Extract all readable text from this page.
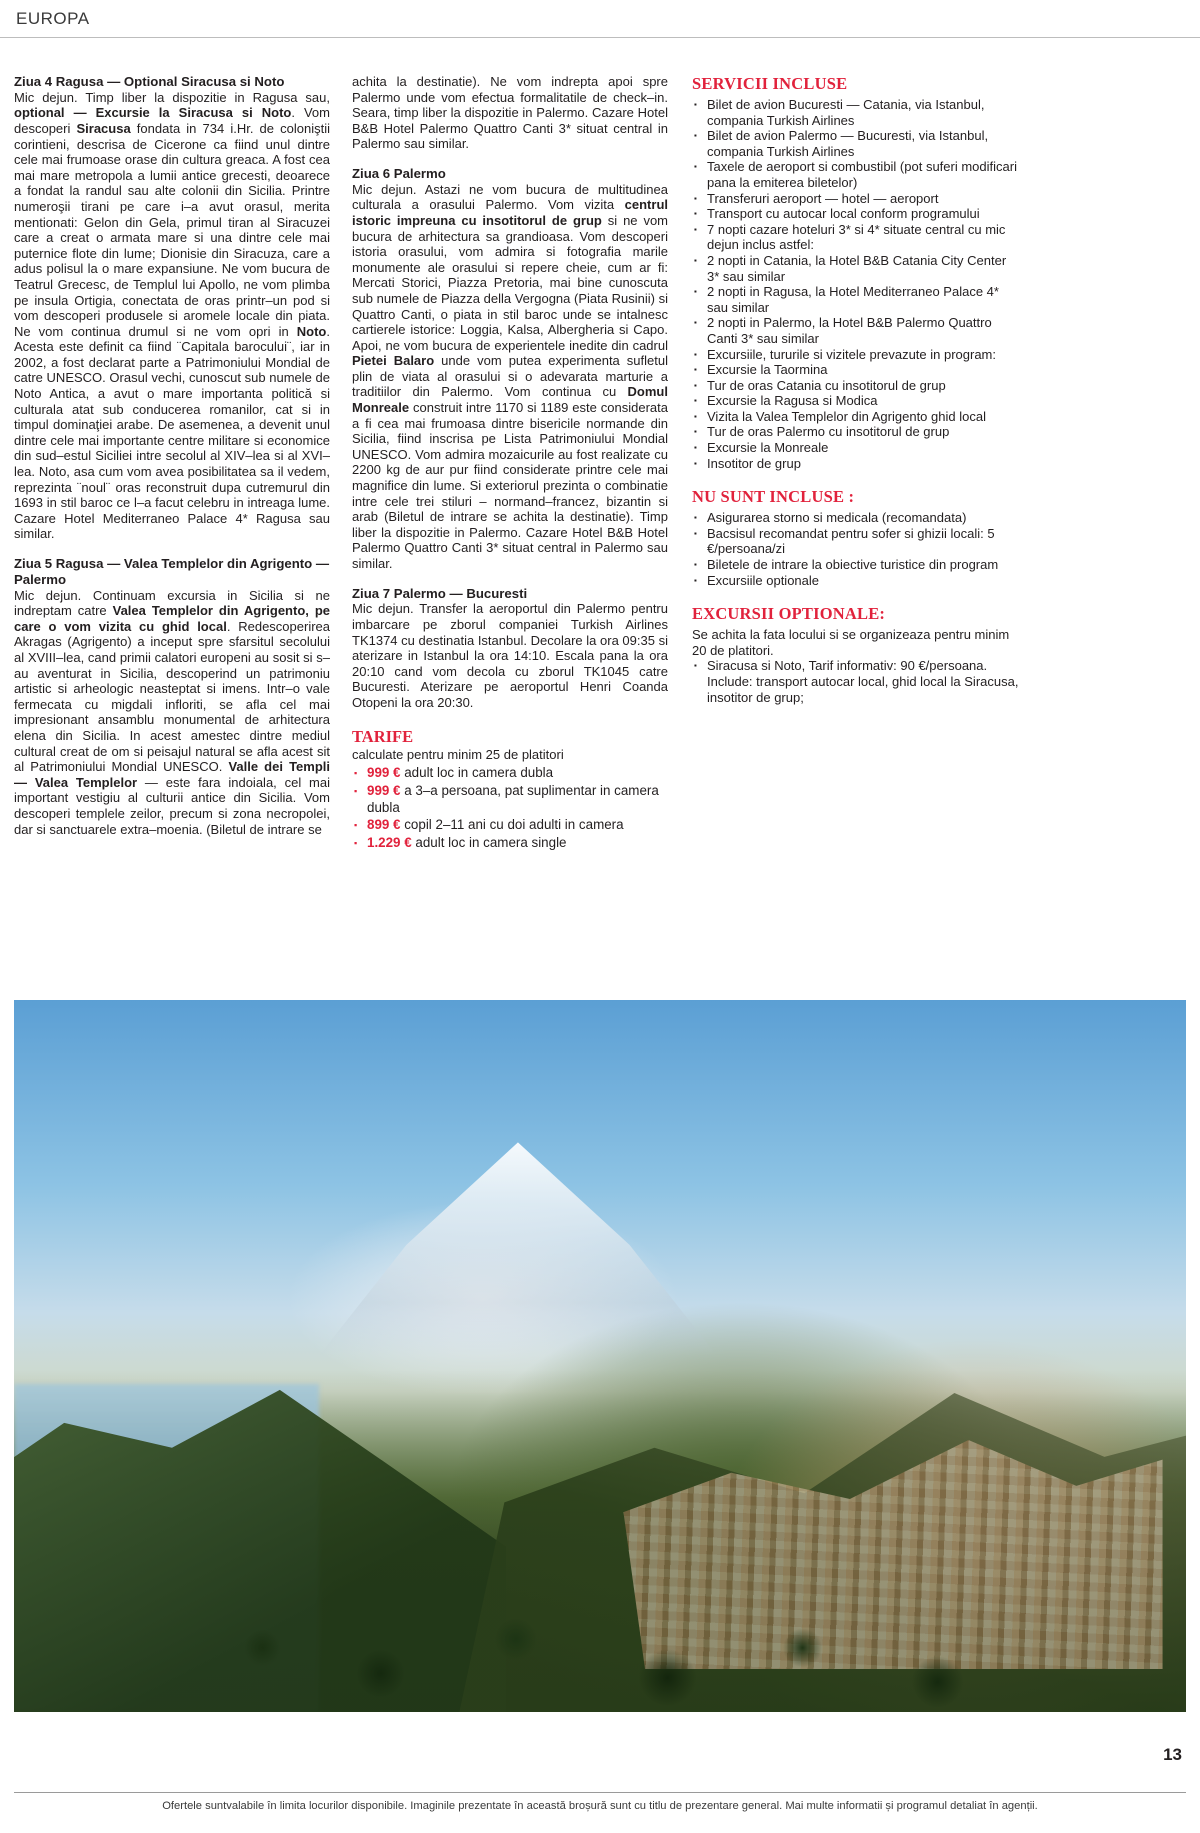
EUROPA
Ziua 4 Ragusa — Optional Siracusa si Noto

Mic dejun. Timp liber la dispozitie in Ragusa sau, optional — Excursie la Siracusa si Noto. Vom descoperi Siracusa fondata in 734 i.Hr. de coloniştii corintieni, descrisa de Cicerone ca fiind unul dintre cele mai frumoase orase din cultura greaca. A fost cea mai mare metropola a lumii antice grecesti, deoarece a fondat la randul sau alte colonii din Sicilia. Printre numeroşii tirani pe care i–a avut orasul, merita mentionati: Gelon din Gela, primul tiran al Siracuzei care a creat o armata mare si una dintre cele mai puternice flote din lume; Dionisie din Siracuza, care a adus polisul la o mare expansiune. Ne vom bucura de Teatrul Grecesc, de Templul lui Apollo, ne vom plimba pe insula Ortigia, conectata de oras printr–un pod si vom descoperi produsele si aromele locale din piata. Ne vom continua drumul si ne vom opri in Noto. Acesta este definit ca fiind ¨Capitala barocului¨, iar in 2002, a fost declarat parte a Patrimoniului Mondial de catre UNESCO. Orasul vechi, cunoscut sub numele de Noto Antica, a avut o mare importanta politică si culturala atat sub conducerea romanilor, cat si in timpul dominaţiei arabe. De asemenea, a devenit unul dintre cele mai importante centre militare si economice din sud–estul Siciliei intre secolul al XIV–lea si al XVI–lea. Noto, asa cum vom avea posibilitatea sa il vedem, reprezinta ¨noul¨ oras reconstruit dupa cutremurul din 1693 in stil baroc ce l–a facut celebru in intreaga lume. Cazare Hotel Mediterraneo Palace 4* Ragusa sau similar.

Ziua 5 Ragusa — Valea Templelor din Agrigento — Palermo

Mic dejun. Continuam excursia in Sicilia si ne indreptam catre Valea Templelor din Agrigento, pe care o vom vizita cu ghid local. Redescoperirea Akragas (Agrigento) a inceput spre sfarsitul secolului al XVIII–lea, cand primii calatori europeni au sosit si s–au aventurat in Sicilia, descoperind un patrimoniu artistic si arheologic neasteptat si imens. Intr–o vale fermecata cu migdali infloriti, se afla cel mai impresionant ansamblu monumental de arhitectura elena din Sicilia. In acest amestec dintre mediul cultural creat de om si peisajul natural se afla acest sit al Patrimoniului Mondial UNESCO. Valle dei Templi — Valea Templelor — este fara indoiala, cel mai important vestigiu al culturii antice din Sicilia. Vom descoperi templele zeilor, precum si zona necropolei, dar si sanctuarele extra–moenia. (Biletul de intrare se

achita la destinatie). Ne vom indrepta apoi spre Palermo unde vom efectua formalitatile de check–in. Seara, timp liber la dispozitie in Palermo. Cazare Hotel B&B Hotel Palermo Quattro Canti 3* situat central in Palermo sau similar.

Ziua 6 Palermo

Mic dejun. Astazi ne vom bucura de multitudinea culturala a orasului Palermo. Vom vizita centrul istoric impreuna cu insotitorul de grup si ne vom bucura de arhitectura sa grandioasa. Vom descoperi istoria orasului, vom admira si fotografia marile monumente ale orasului si repere cheie, cum ar fi: Mercati Storici, Piazza Pretoria, mai bine cunoscuta sub numele de Piazza della Vergogna (Piata Rusinii) si Quattro Canti, o piata in stil baroc unde se intalnesc cartierele istorice: Loggia, Kalsa, Albergheria si Capo. Apoi, ne vom bucura de experientele inedite din cadrul Pietei Balaro unde vom putea experimenta sufletul plin de viata al orasului si o adevarata marturie a traditiilor din Palermo. Vom continua cu Domul Monreale construit intre 1170 si 1189 este considerata a fi cea mai frumoasa dintre bisericile normande din Sicilia, fiind inscrisa pe Lista Patrimoniului Mondial UNESCO. Vom admira mozaicurile au fost realizate cu 2200 kg de aur pur fiind considerate printre cele mai magnifice din lume. Si exteriorul prezinta o combinatie intre cele trei stiluri – normand–francez, bizantin si arab (Biletul de intrare se achita la destinatie). Timp liber la dispozitie in Palermo. Cazare Hotel B&B Hotel Palermo Quattro Canti 3* situat central in Palermo sau similar.

Ziua 7 Palermo — Bucuresti

Mic dejun. Transfer la aeroportul din Palermo pentru imbarcare pe zborul companiei Turkish Airlines TK1374 cu destinatia Istanbul. Decolare la ora 09:35 si aterizare in Istanbul la ora 14:10. Escala pana la ora 20:10 cand vom decola cu zborul TK1045 catre Bucuresti. Aterizare pe aeroportul Henri Coanda Otopeni la ora 20:30.

TARIFE
calculate pentru minim 25 de platitori
▪ 999 € adult loc in camera dubla
▪ 999 € a 3–a persoana, pat suplimentar in camera dubla
▪ 899 € copil 2–11 ani cu doi adulti in camera
▪ 1.229 € adult loc in camera single
SERVICII INCLUSE
▪ Bilet de avion Bucuresti — Catania, via Istanbul, compania Turkish Airlines
▪ Bilet de avion Palermo — Bucuresti, via Istanbul, compania Turkish Airlines
▪ Taxele de aeroport si combustibil (pot suferi modificari pana la emiterea biletelor)
▪ Transferuri aeroport — hotel — aeroport
▪ Transport cu autocar local conform programului
▪ 7 nopti cazare hoteluri 3* si 4* situate central cu mic dejun inclus astfel:
▪ 2 nopti in Catania, la Hotel B&B Catania City Center 3* sau similar
▪ 2 nopti in Ragusa, la Hotel Mediterraneo Palace 4* sau similar
▪ 2 nopti in Palermo, la Hotel B&B Palermo Quattro Canti 3* sau similar
▪ Excursiile, tururile si vizitele prevazute in program:
▪ Excursie la Taormina
▪ Tur de oras Catania cu insotitorul de grup
▪ Excursie la Ragusa si Modica
▪ Vizita la Valea Templelor din Agrigento ghid local
▪ Tur de oras Palermo cu insotitorul de grup
▪ Excursie la Monreale
▪ Insotitor de grup
NU SUNT INCLUSE :
▪ Asigurarea storno si medicala (recomandata)
▪ Bacsisul recomandat pentru sofer si ghizii locali: 5 €/persoana/zi
▪ Biletele de intrare la obiective turistice din program
▪ Excursiile optionale
EXCURSII OPTIONALE:
Se achita la fata locului si se organizeaza pentru minim 20 de platitori.
▪ Siracusa si Noto, Tarif informativ: 90 €/persoana. Include: transport autocar local, ghid local la Siracusa, insotitor de grup;
13
Ofertele suntvalabile în limita locurilor disponibile. Imaginile prezentate în această broșură sunt cu titlu de prezentare general. Mai multe informatii și programul detaliat în agenții.
